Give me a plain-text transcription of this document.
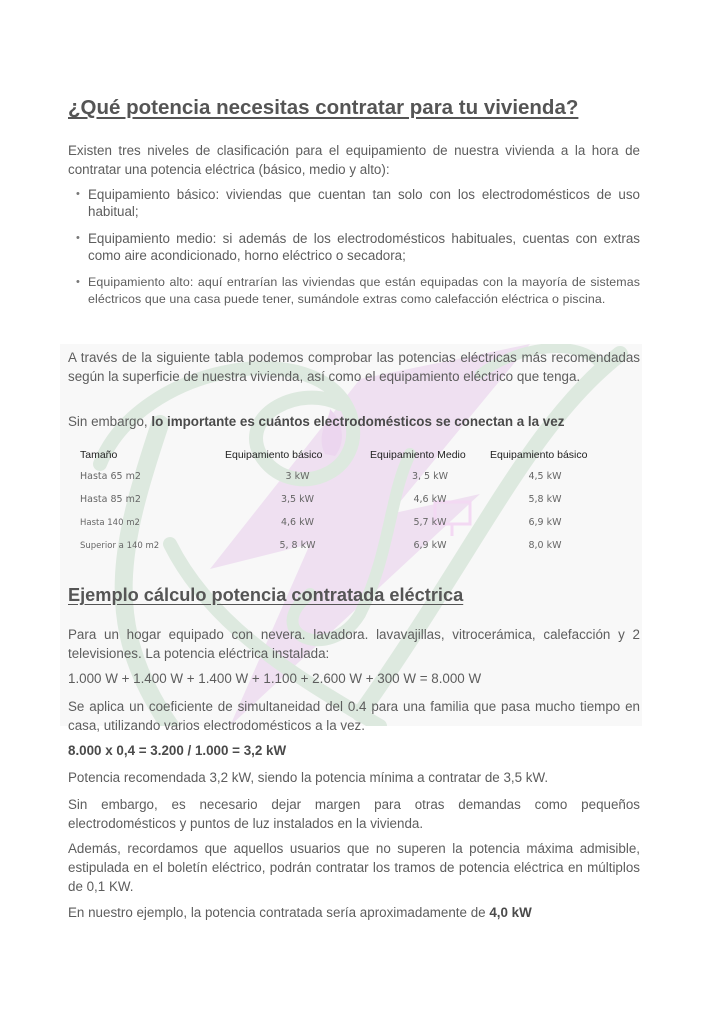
¿Qué potencia necesitas contratar para tu vivienda?

Existen tres niveles de clasificación para el equipamiento de nuestra vivienda a la hora de contratar una potencia eléctrica (básico, medio y alto):

• Equipamiento básico: viviendas que cuentan tan solo con los electrodomésticos de uso habitual;
• Equipamiento medio: si además de los electrodomésticos habituales, cuentas con extras como aire acondicionado, horno eléctrico o secadora;
• Equipamiento alto: aquí entrarían las viviendas que están equipadas con la mayoría de sistemas eléctricos que una casa puede tener, sumándole extras como calefacción eléctrica o piscina.

A través de la siguiente tabla podemos comprobar las potencias eléctricas más recomendadas según la superficie de nuestra vivienda, así como el equipamiento eléctrico que tenga.

Sin embargo, lo importante es cuántos electrodomésticos se conectan a la vez

Tamaño	Equipamiento básico	Equipamiento Medio	Equipamiento básico
Hasta 65 m2	3 kW	3, 5 kW	4,5 kW
Hasta 85 m2	3,5 kW	4,6 kW	5,8 kW
Hasta 140 m2	4,6 kW	5,7 kW	6,9 kW
Superior a 140 m2	5, 8 kW	6,9 kW	8,0 kW
Ejemplo cálculo potencia contratada eléctrica

Para un hogar equipado con nevera. lavadora. lavavajillas, vitrocerámica, calefacción y 2 televisiones. La potencia eléctrica instalada:

1.000 W + 1.400 W + 1.400 W + 1.100 + 2.600 W + 300 W = 8.000 W

Se aplica un coeficiente de simultaneidad del 0.4 para una familia que pasa mucho tiempo en casa, utilizando varios electrodomésticos a la vez.

8.000 x 0,4 = 3.200 / 1.000 = 3,2 kW

Potencia recomendada 3,2 kW, siendo la potencia mínima a contratar de 3,5 kW.

Sin embargo, es necesario dejar margen para otras demandas como pequeños electrodomésticos y puntos de luz instalados en la vivienda.

Además, recordamos que aquellos usuarios que no superen la potencia máxima admisible, estipulada en el boletín eléctrico, podrán contratar los tramos de potencia eléctrica en múltiplos de 0,1 KW.

En nuestro ejemplo, la potencia contratada sería aproximadamente de 4,0 kW
